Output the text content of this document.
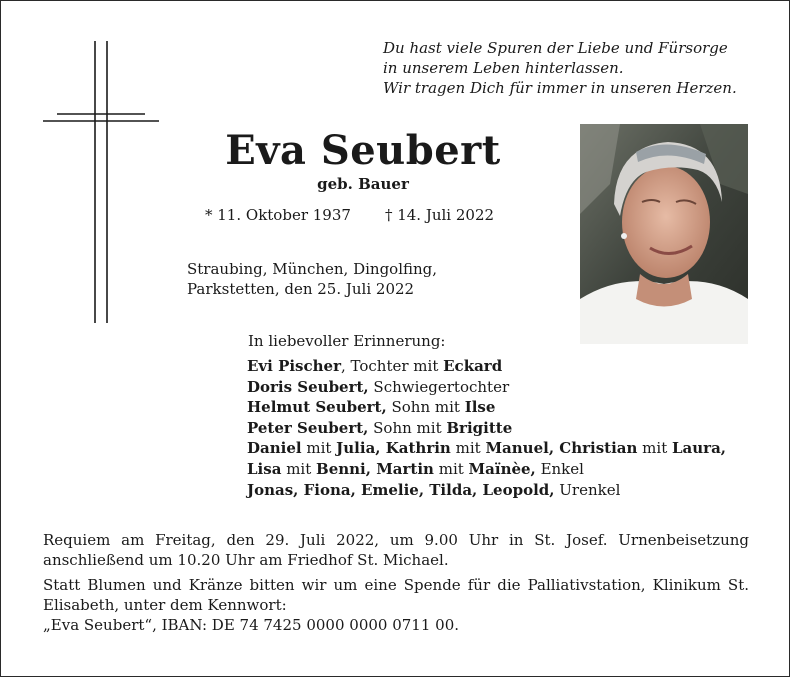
Du hast viele Spuren der Liebe und Fürsorge
in unserem Leben hinterlassen.
Wir tragen Dich für immer in unseren Herzen.
Eva Seubert
geb. Bauer
* 11. Oktober 1937 † 14. Juli 2022
Straubing, München, Dingolfing,
Parkstetten, den 25. Juli 2022
In liebevoller Erinnerung:
Evi Pischer, Tochter mit Eckard
Doris Seubert, Schwiegertochter
Helmut Seubert, Sohn mit Ilse
Peter Seubert, Sohn mit Brigitte
Daniel mit Julia, Kathrin mit Manuel, Christian mit Laura,
Lisa mit Benni, Martin mit Maïnèe, Enkel
Jonas, Fiona, Emelie, Tilda, Leopold, Urenkel
Requiem am Freitag, den 29. Juli 2022, um 9.00 Uhr in St. Josef. Urnenbeisetzung anschließend um 10.20 Uhr am Friedhof St. Michael.
Statt Blumen und Kränze bitten wir um eine Spende für die Palliativstation, Klinikum St. Elisabeth, unter dem Kennwort:
„Eva Seubert“, IBAN: DE 74 7425 0000 0000 0711 00.
